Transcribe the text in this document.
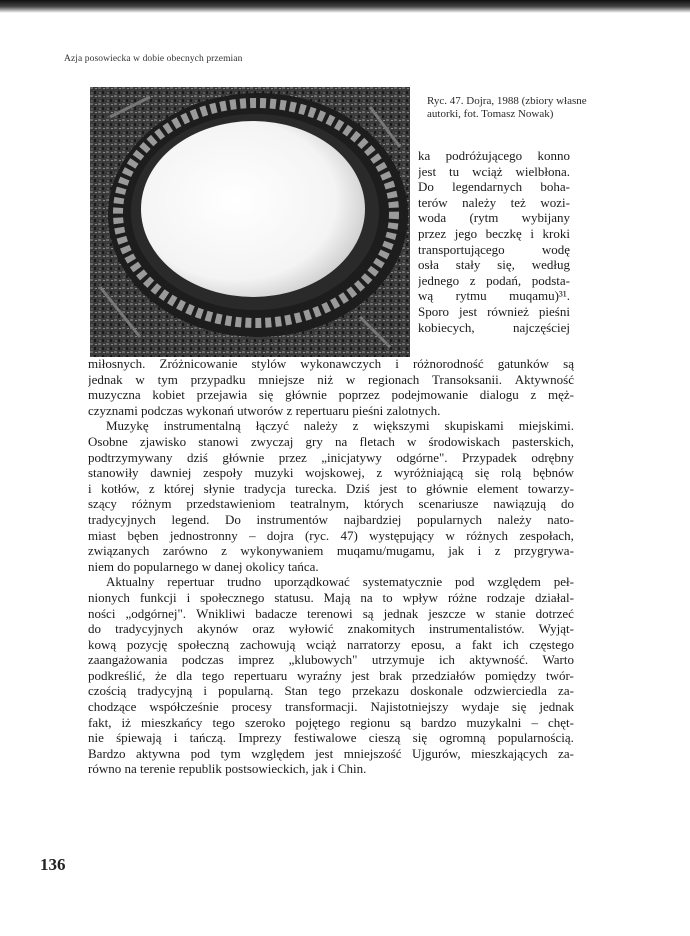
Azja posowiecka w dobie obecnych przemian
Ryc. 47. Dojra, 1988 (zbiory własne autorki, fot. Tomasz Nowak)
ka podróżującego konno
jest tu wciąż wielbłona.
Do legendarnych boha-
terów należy też wozi-
woda (rytm wybijany
przez jego beczkę i kroki
transportującego	wodę
osła stały się, według
jednego z podań, podsta-
wą rytmu muqamu)³¹.
Sporo jest również pieśni
kobiecych,	najczęściej
miłosnych. Zróżnicowanie stylów wykonawczych i różnorodność gatunków są
jednak w tym przypadku mniejsze niż w regionach Transoksanii. Aktywność
muzyczna kobiet przejawia się głównie poprzez podejmowanie dialogu z męż-
czyznami podczas wykonań utworów z repertuaru pieśni zalotnych.
Muzykę instrumentalną łączyć należy z większymi skupiskami miejskimi.
Osobne zjawisko stanowi zwyczaj gry na fletach w środowiskach pasterskich,
podtrzymywany dziś głównie przez „inicjatywy odgórne". Przypadek odrębny
stanowiły dawniej zespoły muzyki wojskowej, z wyróżniającą się rolą bębnów
i kotłów, z której słynie tradycja turecka. Dziś jest to głównie element towarzy-
szący różnym przedstawieniom teatralnym, których scenariusze nawiązują do
tradycyjnych legend. Do instrumentów najbardziej popularnych należy nato-
miast bęben jednostronny – dojra (ryc. 47) występujący w różnych zespołach,
związanych zarówno z wykonywaniem muqamu/mugamu, jak i z przygrywa-
niem do popularnego w danej okolicy tańca.
Aktualny repertuar trudno uporządkować systematycznie pod względem peł-
nionych funkcji i społecznego statusu. Mają na to wpływ różne rodzaje działal-
ności „odgórnej". Wnikliwi badacze terenowi są jednak jeszcze w stanie dotrzeć
do tradycyjnych akynów oraz wyłowić znakomitych instrumentalistów. Wyjąt-
kową pozycję społeczną zachowują wciąż narratorzy eposu, a fakt ich częstego
zaangażowania podczas imprez „klubowych" utrzymuje ich aktywność. Warto
podkreślić, że dla tego repertuaru wyraźny jest brak przedziałów pomiędzy twór-
czością tradycyjną i popularną. Stan tego przekazu doskonale odzwierciedla za-
chodzące współcześnie procesy transformacji. Najistotniejszy wydaje się jednak
fakt, iż mieszkańcy tego szeroko pojętego regionu są bardzo muzykalni – chęt-
nie śpiewają i tańczą. Imprezy festiwalowe cieszą się ogromną popularnością.
Bardzo aktywna pod tym względem jest mniejszość Ujgurów, mieszkających za-
równo na terenie republik postsowieckich, jak i Chin.
136
